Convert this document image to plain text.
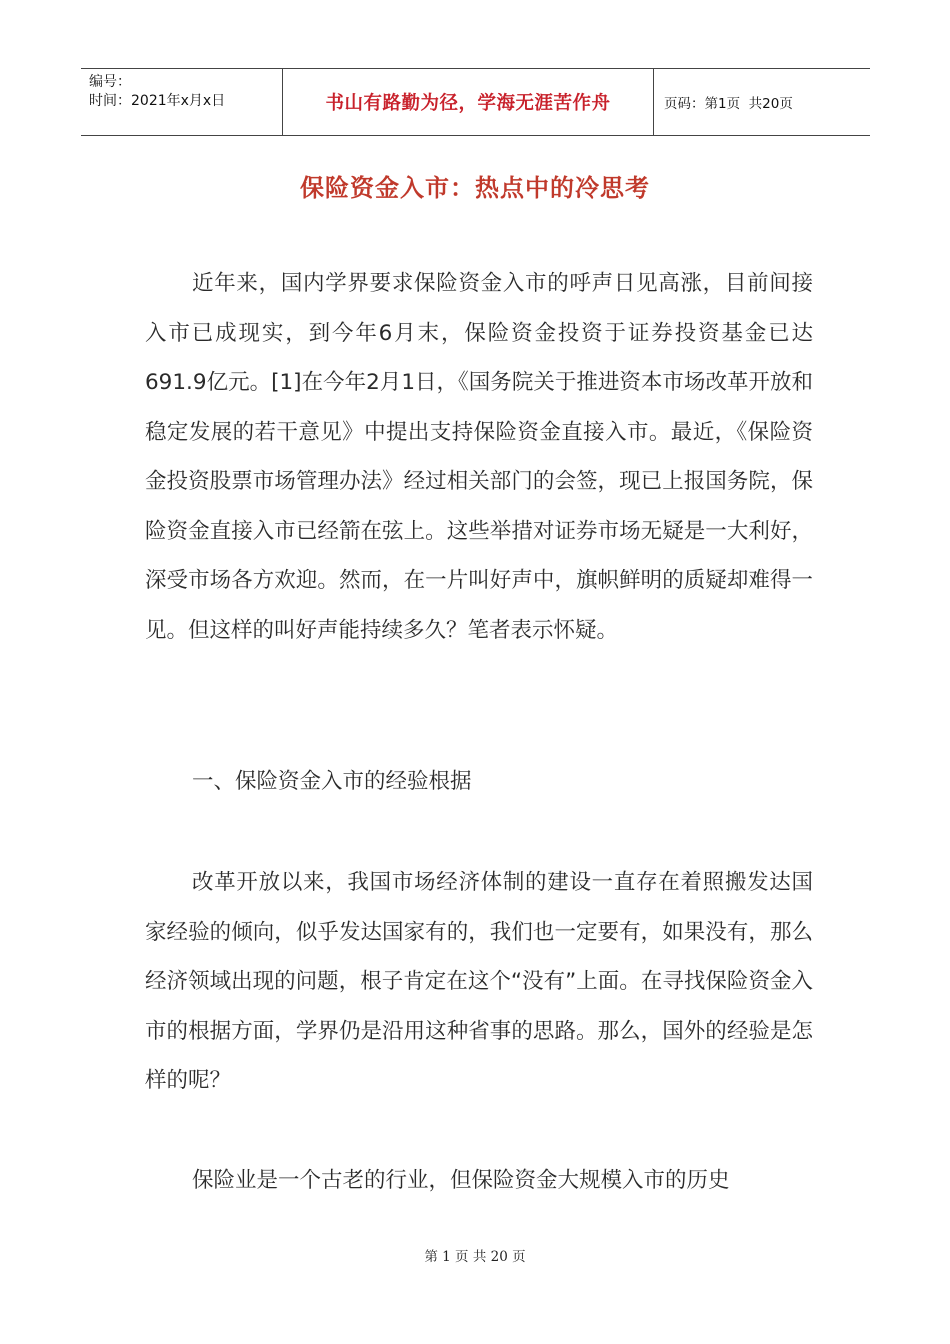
编号：
时间：2021年x月x日	书山有路勤为径，学海无涯苦作舟	页码：第1页  共20页
保险资金入市：热点中的冷思考

近年来，国内学界要求保险资金入市的呼声日见高涨，目前间接入市已成现实，到今年6月末，保险资金投资于证券投资基金已达691.9亿元。[1]在今年2月1日，《国务院关于推进资本市场改革开放和稳定发展的若干意见》中提出支持保险资金直接入市。最近，《保险资金投资股票市场管理办法》经过相关部门的会签，现已上报国务院，保险资金直接入市已经箭在弦上。这些举措对证券市场无疑是一大利好，深受市场各方欢迎。然而，在一片叫好声中，旗帜鲜明的质疑却难得一见。但这样的叫好声能持续多久？笔者表示怀疑。

一、保险资金入市的经验根据

改革开放以来，我国市场经济体制的建设一直存在着照搬发达国家经验的倾向，似乎发达国家有的，我们也一定要有，如果没有，那么经济领域出现的问题，根子肯定在这个“没有”上面。在寻找保险资金入市的根据方面，学界仍是沿用这种省事的思路。那么，国外的经验是怎样的呢？

保险业是一个古老的行业，但保险资金大规模入市的历史

第 1 页 共 20 页
